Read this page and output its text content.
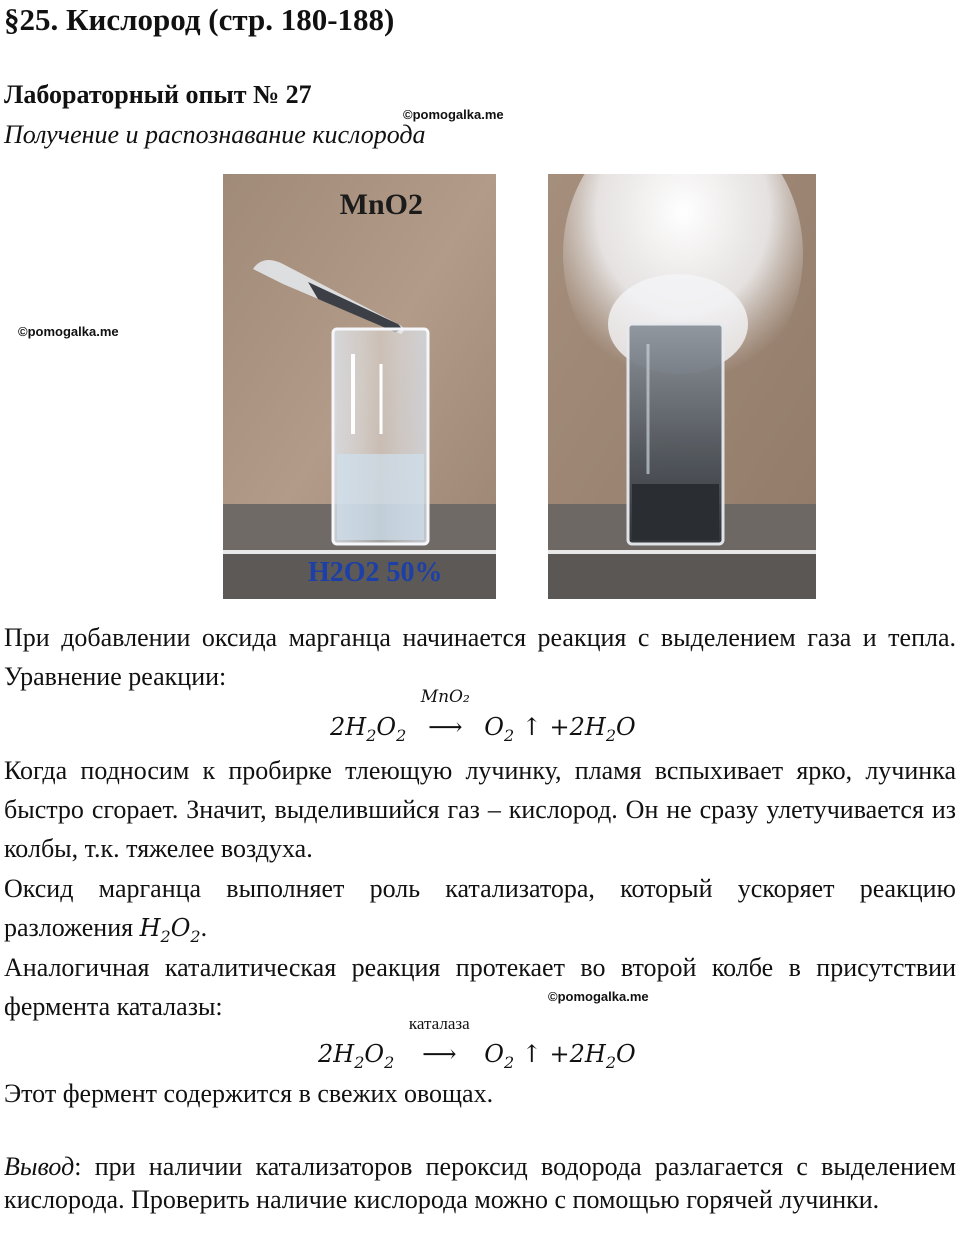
§25. Кислород (стр. 180-188)
Лабораторный опыт № 27
©pomogalka.me
Получение и распознавание кислорода
©pomogalka.me
MnO2
H2O2 50%

При добавлении оксида марганца начинается реакция с выделением газа и тепла. Уравнение реакции:

$2H_2O_2$
MnO₂
⟶ $O_2$ ↑ $+2H_2O$

Когда подносим к пробирке тлеющую лучинку, пламя вспыхивает ярко, лучинка быстро сгорает. Значит, выделившийся газ – кислород. Он не сразу улетучивается из колбы, т.к. тяжелее воздуха.

Оксид марганца выполняет роль катализатора, который ускоряет реакцию разложения $H_2O_2$.

Аналогичная каталитическая реакция протекает во второй колбе в присутствии фермента каталазы:	©pomogalka.me
$2H_2O_2$
каталаза
⟶ $O_2$ ↑ $+2H_2O$

Этот фермент содержится в свежих овощах.

Вывод: при наличии катализаторов пероксид водорода разлагается с выделением кислорода. Проверить наличие кислорода можно с помощью горячей лучинки.
